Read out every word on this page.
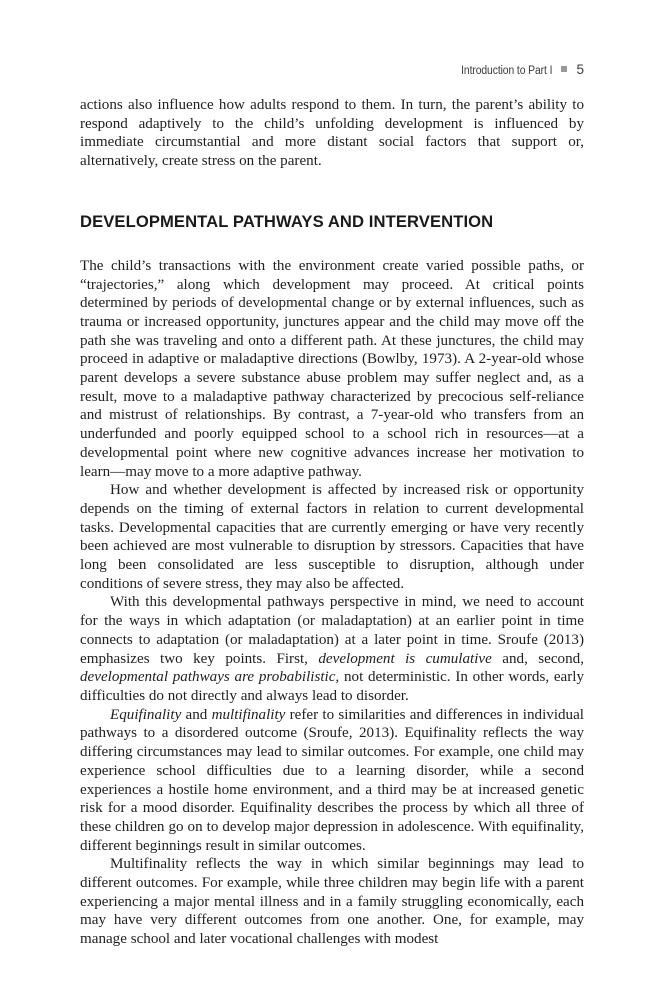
Introduction to Part I 5

actions also influence how adults respond to them. In turn, the parent’s ability to respond adaptively to the child’s unfolding development is influenced by immediate circumstantial and more distant social factors that support or, alternatively, create stress on the parent.

DEVELOPMENTAL PATHWAYS AND INTERVENTION

The child’s transactions with the environment create varied possible paths, or “trajectories,” along which development may proceed. At critical points determined by periods of developmental change or by external influences, such as trauma or increased opportunity, junctures appear and the child may move off the path she was traveling and onto a different path. At these junctures, the child may proceed in adaptive or maladaptive directions (Bowlby, 1973). A 2-year-old whose parent develops a severe substance abuse problem may suffer neglect and, as a result, move to a maladaptive pathway characterized by precocious self-reliance and mistrust of relationships. By contrast, a 7-year-old who transfers from an underfunded and poorly equipped school to a school rich in resources—at a developmental point where new cognitive advances increase her motivation to learn—may move to a more adaptive pathway.

How and whether development is affected by increased risk or opportunity depends on the timing of external factors in relation to current developmental tasks. Developmental capacities that are currently emerging or have very recently been achieved are most vulnerable to disruption by stressors. Capacities that have long been consolidated are less susceptible to disruption, although under conditions of severe stress, they may also be affected.

With this developmental pathways perspective in mind, we need to account for the ways in which adaptation (or maladaptation) at an earlier point in time connects to adaptation (or maladaptation) at a later point in time. Sroufe (2013) emphasizes two key points. First, development is cumulative and, second, developmental pathways are probabilistic, not deterministic. In other words, early difficulties do not directly and always lead to disorder.

Equifinality and multifinality refer to similarities and differences in individual pathways to a disordered outcome (Sroufe, 2013). Equifinality reflects the way differing circumstances may lead to similar outcomes. For example, one child may experience school difficulties due to a learning disorder, while a second experiences a hostile home environment, and a third may be at increased genetic risk for a mood disorder. Equifinality describes the process by which all three of these children go on to develop major depression in adolescence. With equifinality, different beginnings result in similar outcomes.

Multifinality reflects the way in which similar beginnings may lead to different outcomes. For example, while three children may begin life with a parent experiencing a major mental illness and in a family struggling economically, each may have very different outcomes from one another. One, for example, may manage school and later vocational challenges with modest
